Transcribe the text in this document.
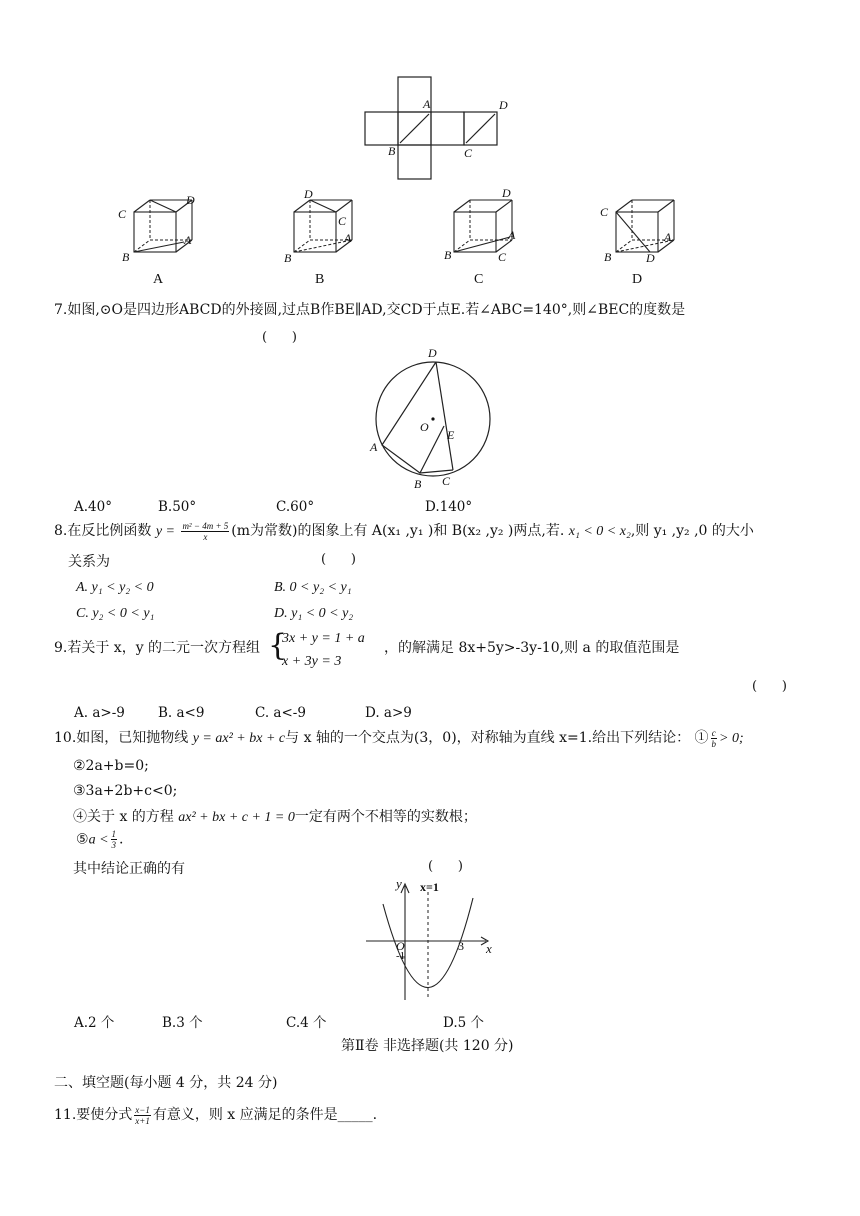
A
B	C
D
C
D
A
B
A
D
C
A
B
B
D
A
B	C
C
C
A
B	D
D
7.如图,⊙O是四边形ABCD的外接圆,过点B作BE∥AD,交CD于点E.若∠ABC=140°,则∠BEC的度数是
(      )
D
O
E
A
B C
A.40°	B.50°	C.60°	D.140°
8.在反比例函数 $y = \frac{\text{m² − 4m + 5}}{x} (m$为常数)的图象上有 A(x₁ ,y₁ )和 B(x₂ ,y₂ )两点,若. x₁ < 0 < x₂,则 y₁ ,y₂ ,0 的大小
关系为	(      )
A. y₁ < y₂ < 0	B. 0 < y₂ < y₁
C. y₂ < 0 < y₁	D. y₁ < 0 < y₂
9.若关于 x，y 的二元一次方程组 {
3x + y = 1 + a
x + 3y = 3
，的解满足 8x+5y>-3y-10,则 a 的取值范围是
(      )
A. a>-9 B. a<9	C. a<-9	D. a>9
10.如图，已知抛物线 y = ax² + bx + c与 x 轴的一个交点为(3，0)，对称轴为直线 x=1.给出下列结论： ① $\frac{c}{b} > 0$;
②2a+b=0;
③3a+2b+c<0;
④关于 x 的方程 ax² + bx + c + 1 = 0一定有两个不相等的实数根；
⑤a < $\frac{1}{3}$ .
其中结论正确的有	(      )
y x=1
O
-1
3 x
A.2 个	B.3 个	C.4 个	D.5 个
第Ⅱ卷 非选择题(共 120 分)
二、填空题(每小题 4 分，共 24 分)
11.要使分式 $\frac{x-1}{x+1}$ 有意义，则 x 应满足的条件是_____.
